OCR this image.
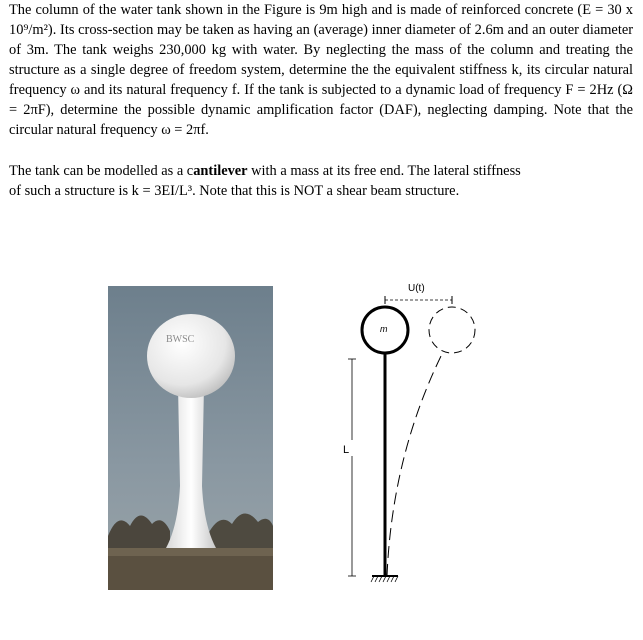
The column of the water tank shown in the Figure is 9m high and is made of reinforced concrete (E = 30 x 10⁹/m²). Its cross-section may be taken as having an (average) inner diameter of 2.6m and an outer diameter of 3m. The tank weighs 230,000 kg with water. By neglecting the mass of the column and treating the structure as a single degree of freedom system, determine the the equivalent stiffness k, its circular natural frequency ω and its natural frequency f. If the tank is subjected to a dynamic load of frequency F = 2Hz (Ω = 2πF), determine the possible dynamic amplification factor (DAF), neglecting damping. Note that the circular natural frequency ω = 2πf.
The tank can be modelled as a cantilever with a mass at its free end. The lateral stiffness
of such a structure is k = 3EI/L³. Note that this is NOT a shear beam structure.
BWSC
U(t)
m
L
